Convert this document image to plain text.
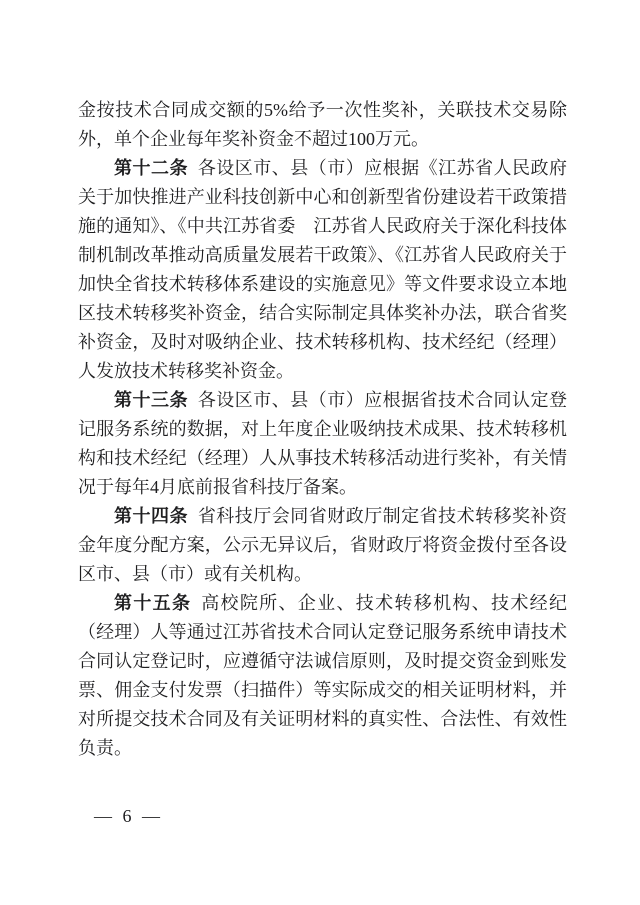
金按技术合同成交额的5%给予一次性奖补，关联技术交易除外，单个企业每年奖补资金不超过100万元。

第十二条 各设区市、县（市）应根据《江苏省人民政府关于加快推进产业科技创新中心和创新型省份建设若干政策措施的通知》、《中共江苏省委　江苏省人民政府关于深化科技体制机制改革推动高质量发展若干政策》、《江苏省人民政府关于加快全省技术转移体系建设的实施意见》等文件要求设立本地区技术转移奖补资金，结合实际制定具体奖补办法，联合省奖补资金，及时对吸纳企业、技术转移机构、技术经纪（经理）人发放技术转移奖补资金。

第十三条 各设区市、县（市）应根据省技术合同认定登记服务系统的数据，对上年度企业吸纳技术成果、技术转移机构和技术经纪（经理）人从事技术转移活动进行奖补，有关情况于每年4月底前报省科技厅备案。

第十四条 省科技厅会同省财政厅制定省技术转移奖补资金年度分配方案，公示无异议后，省财政厅将资金拨付至各设区市、县（市）或有关机构。

第十五条 高校院所、企业、技术转移机构、技术经纪（经理）人等通过江苏省技术合同认定登记服务系统申请技术合同认定登记时，应遵循守法诚信原则，及时提交资金到账发票、佣金支付发票（扫描件）等实际成交的相关证明材料，并对所提交技术合同及有关证明材料的真实性、合法性、有效性负责。

— 6 —
